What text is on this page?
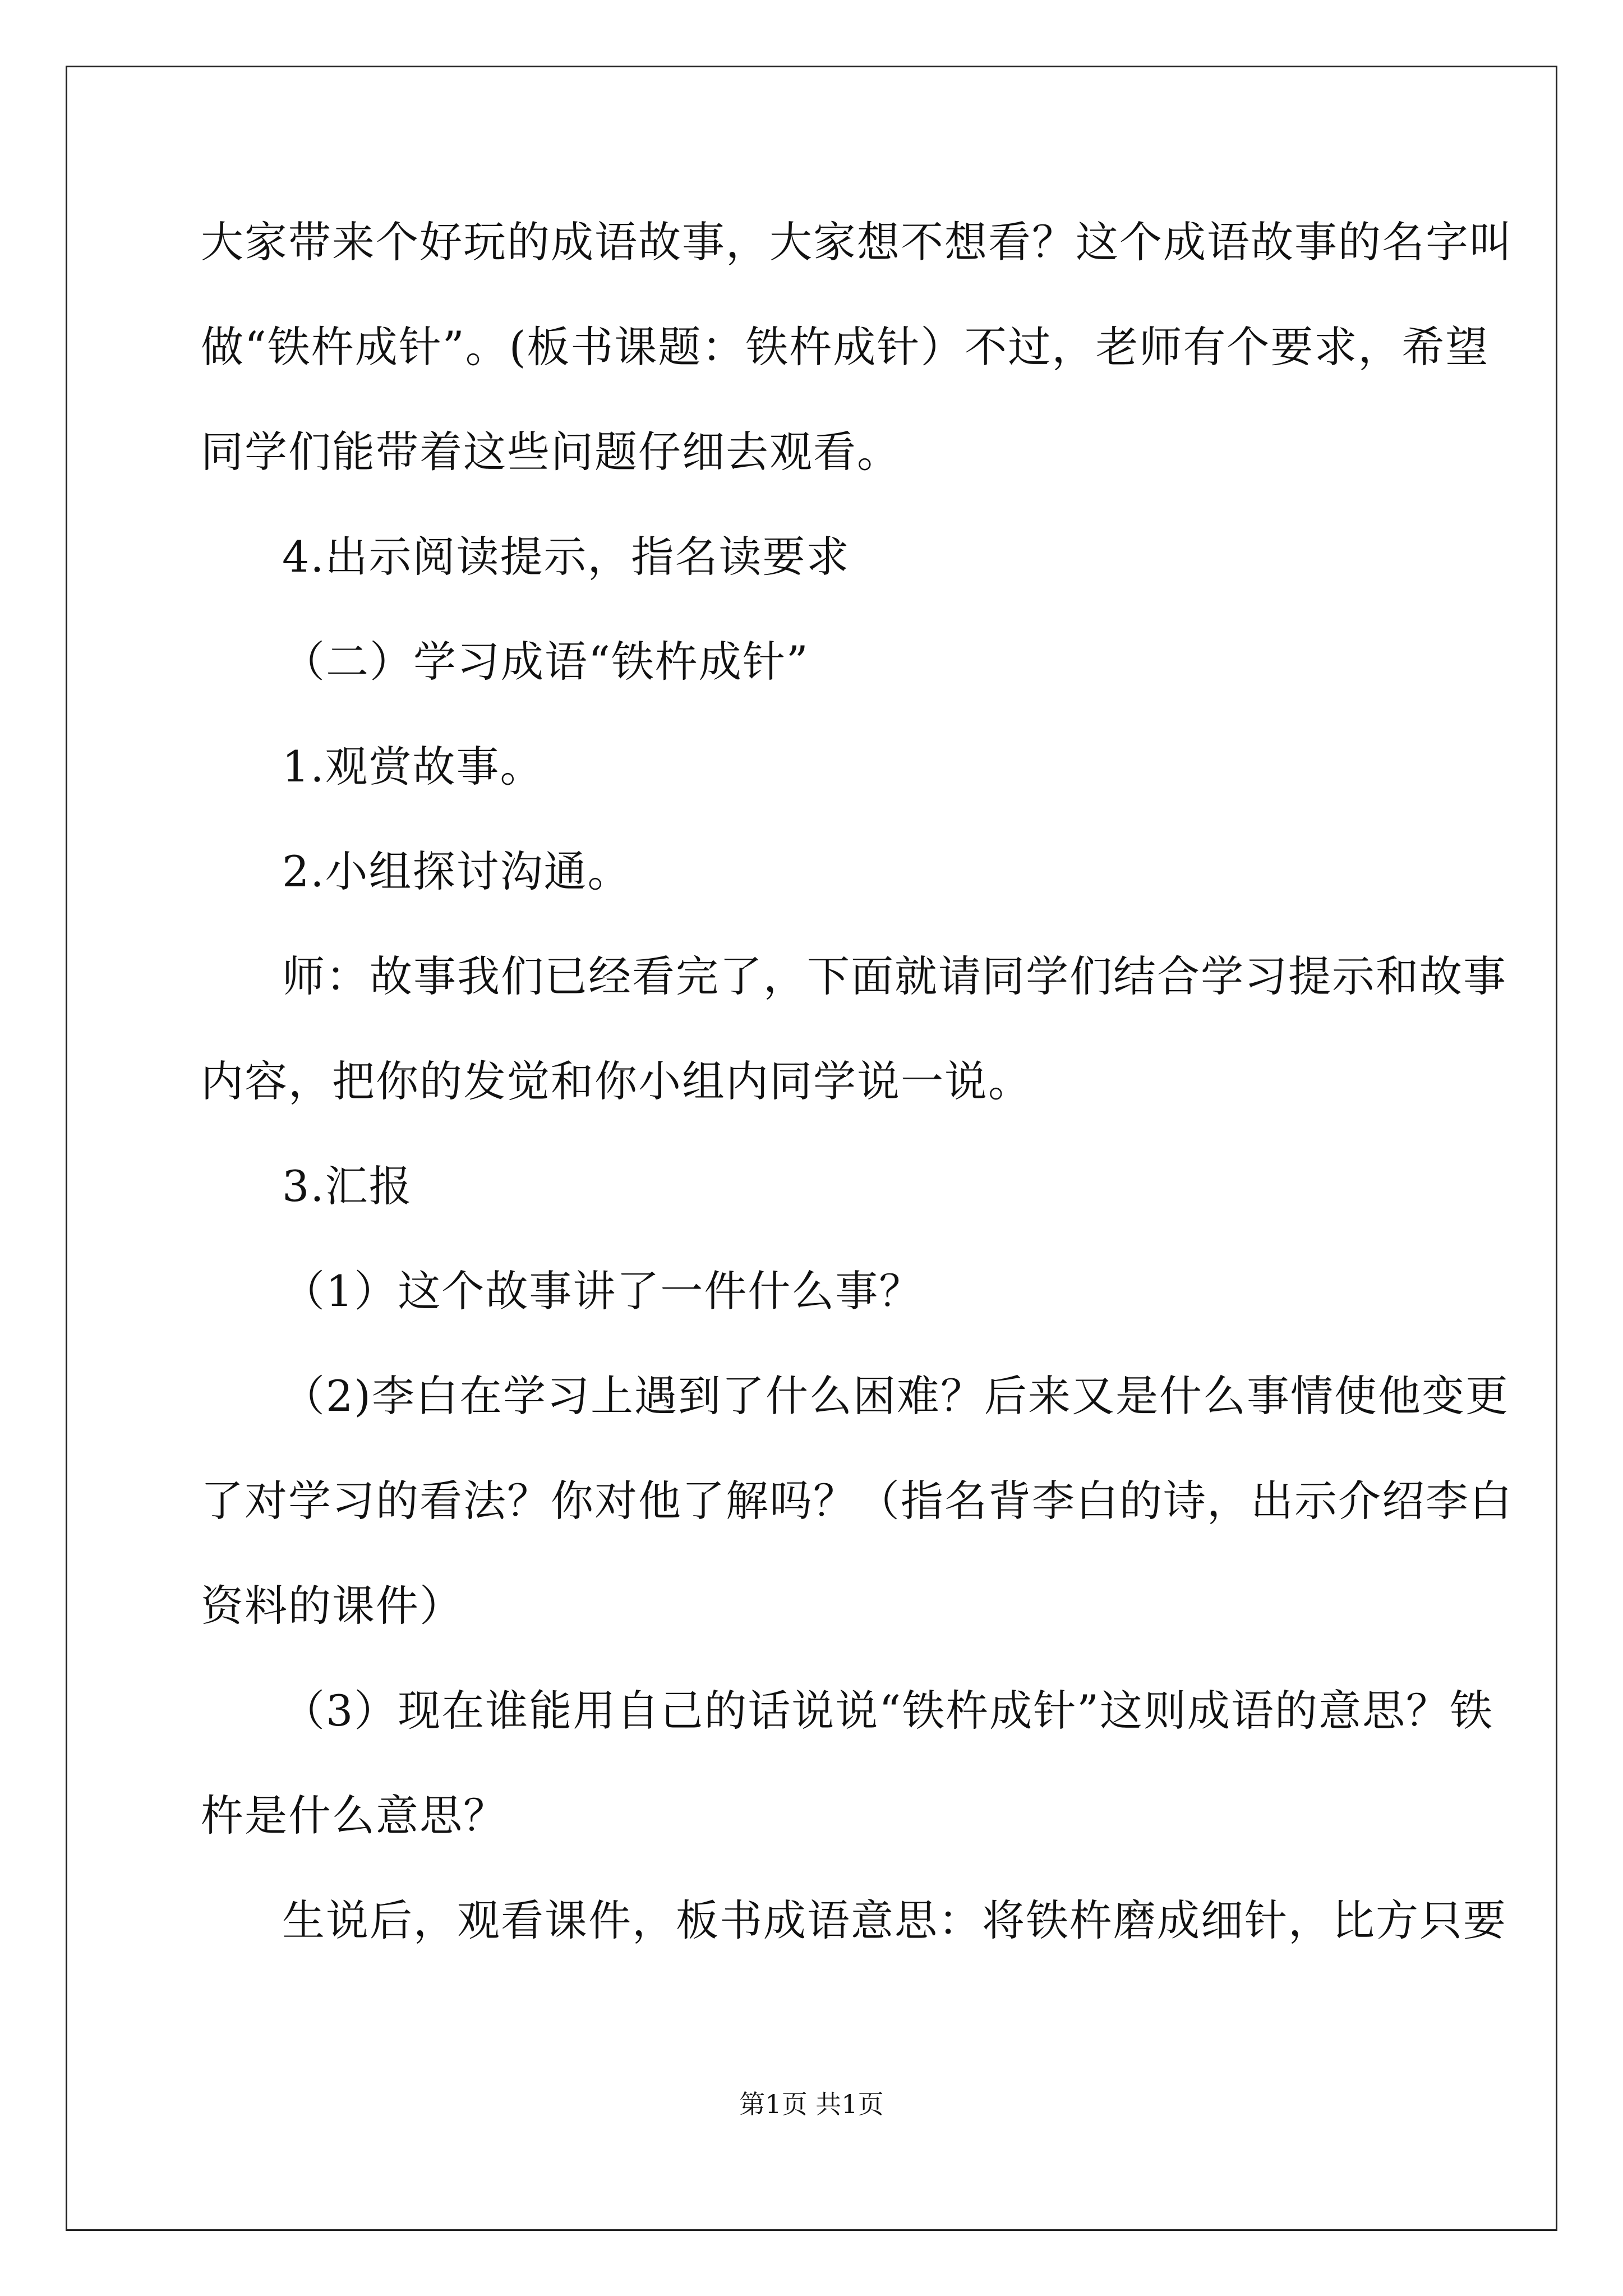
大家带来个好玩的成语故事，大家想不想看？这个成语故事的名字叫
做“铁杵成针”。(板书课题：铁杵成针）不过，老师有个要求，希望
同学们能带着这些问题仔细去观看。
4.出示阅读提示，指名读要求
（二）学习成语“铁杵成针”
1.观赏故事。
2.小组探讨沟通。
师：故事我们已经看完了，下面就请同学们结合学习提示和故事
内容，把你的发觉和你小组内同学说一说。
3.汇报
（1）这个故事讲了一件什么事？
（2)李白在学习上遇到了什么困难？后来又是什么事情使他变更
了对学习的看法？你对他了解吗？（指名背李白的诗，出示介绍李白
资料的课件）
（3）现在谁能用自己的话说说“铁杵成针”这则成语的意思？铁
杵是什么意思？
生说后，观看课件，板书成语意思：将铁杵磨成细针，比方只要
第1页 共1页
